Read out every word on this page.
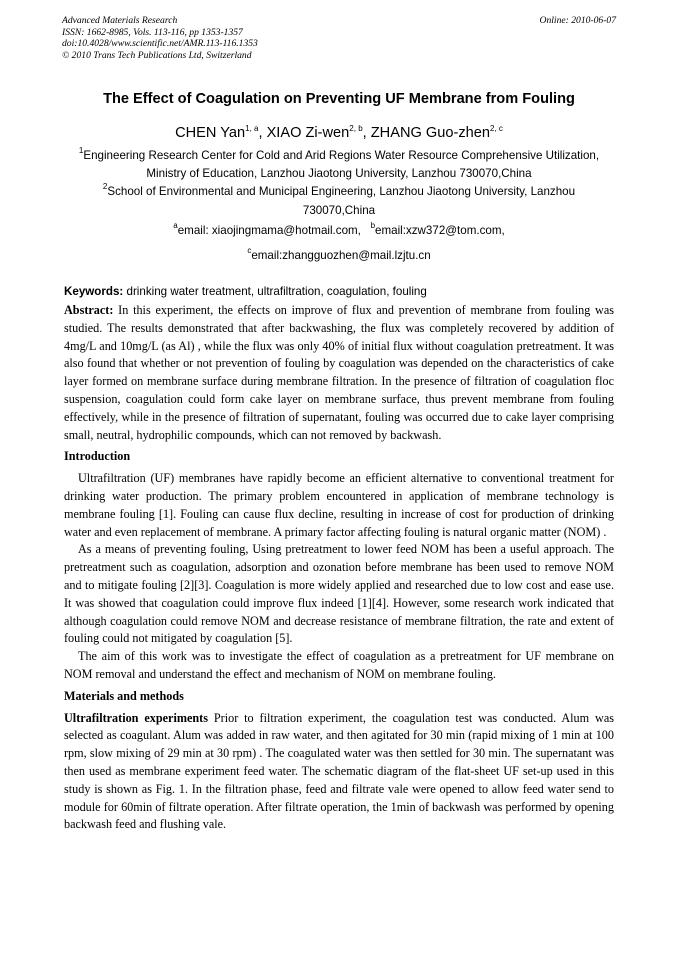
Advanced Materials Research
ISSN: 1662-8985, Vols. 113-116, pp 1353-1357
doi:10.4028/www.scientific.net/AMR.113-116.1353
© 2010 Trans Tech Publications Ltd, Switzerland
Online: 2010-06-07
The Effect of Coagulation on Preventing UF Membrane from Fouling
CHEN Yan$^{1, a}$, XIAO Zi-wen$^{2, b}$, ZHANG Guo-zhen$^{2, c}$

$^1$Engineering Research Center for Cold and Arid Regions Water Resource Comprehensive Utilization, Ministry of Education, Lanzhou Jiaotong University, Lanzhou 730070,China

$^2$School of Environmental and Municipal Engineering, Lanzhou Jiaotong University, Lanzhou 730070,China

$^a$email: xiaojingmama@hotmail.com, $^b$email:xzw372@tom.com,
$^c$email:zhangguozhen@mail.lzjtu.cn
Keywords: drinking water treatment, ultrafiltration, coagulation, fouling

Abstract: In this experiment, the effects on improve of flux and prevention of membrane from fouling was studied. The results demonstrated that after backwashing, the flux was completely recovered by addition of 4mg/L and 10mg/L (as Al) , while the flux was only 40% of initial flux without coagulation pretreatment. It was also found that whether or not prevention of fouling by coagulation was depended on the characteristics of cake layer formed on membrane surface during membrane filtration. In the presence of filtration of coagulation floc suspension, coagulation could form cake layer on membrane surface, thus prevent membrane from fouling effectively, while in the presence of filtration of supernatant, fouling was occurred due to cake layer comprising small, neutral, hydrophilic compounds, which can not removed by backwash.

Introduction

Ultrafiltration (UF) membranes have rapidly become an efficient alternative to conventional treatment for drinking water production. The primary problem encountered in application of membrane technology is membrane fouling [1]. Fouling can cause flux decline, resulting in increase of cost for production of drinking water and even replacement of membrane. A primary factor affecting fouling is natural organic matter (NOM) .

As a means of preventing fouling, Using pretreatment to lower feed NOM has been a useful approach. The pretreatment such as coagulation, adsorption and ozonation before membrane has been used to remove NOM and to mitigate fouling [2][3]. Coagulation is more widely applied and researched due to low cost and ease use. It was showed that coagulation could improve flux indeed [1][4]. However, some research work indicated that although coagulation could remove NOM and decrease resistance of membrane filtration, the rate and extent of fouling could not mitigated by coagulation [5].

The aim of this work was to investigate the effect of coagulation as a pretreatment for UF membrane on NOM removal and understand the effect and mechanism of NOM on membrane fouling.

Materials and methods

Ultrafiltration experiments Prior to filtration experiment, the coagulation test was conducted. Alum was selected as coagulant. Alum was added in raw water, and then agitated for 30 min (rapid mixing of 1 min at 100 rpm, slow mixing of 29 min at 30 rpm) . The coagulated water was then settled for 30 min. The supernatant was then used as membrane experiment feed water. The schematic diagram of the flat-sheet UF set-up used in this study is shown as Fig. 1. In the filtration phase, feed and filtrate vale were opened to allow feed water send to module for 60min of filtrate operation. After filtrate operation, the 1min of backwash was performed by opening backwash feed and flushing vale.
